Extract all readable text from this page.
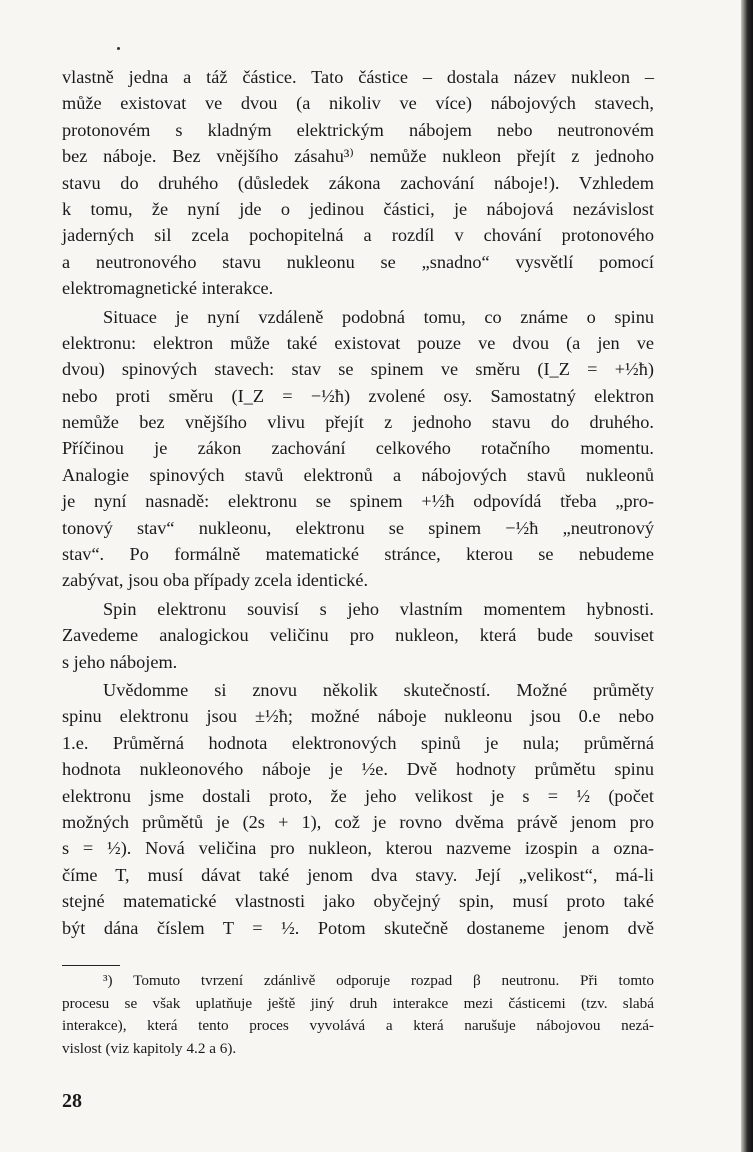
vlastně jedna a táž částice. Tato částice – dostala název nukleon –
může existovat ve dvou (a nikoliv ve více) nábojových stavech,
protonovém s kladným elektrickým nábojem nebo neutronovém
bez náboje. Bez vnějšího zásahu³⁾ nemůže nukleon přejít z jednoho
stavu do druhého (důsledek zákona zachování náboje!). Vzhledem
k tomu, že nyní jde o jedinou částici, je nábojová nezávislost
jaderných sil zcela pochopitelná a rozdíl v chování protonového
a neutronového stavu nukleonu se „snadno“ vysvětlí pomocí
elektromagnetické interakce.
Situace je nyní vzdáleně podobná tomu, co známe o spinu
elektronu: elektron může také existovat pouze ve dvou (a jen ve
dvou) spinových stavech: stav se spinem ve směru (I_Z = +½ħ)
nebo proti směru (I_Z = −½ħ) zvolené osy. Samostatný elektron
nemůže bez vnějšího vlivu přejít z jednoho stavu do druhého.
Příčinou je zákon zachování celkového rotačního momentu.
Analogie spinových stavů elektronů a nábojových stavů nukleonů
je nyní nasnadě: elektronu se spinem +½ħ odpovídá třeba „pro-
tonový stav“ nukleonu, elektronu se spinem −½ħ „neutronový
stav“. Po formálně matematické stránce, kterou se nebudeme
zabývat, jsou oba případy zcela identické.
Spin elektronu souvisí s jeho vlastním momentem hybnosti.
Zavedeme analogickou veličinu pro nukleon, která bude souviset
s jeho nábojem.
Uvědomme si znovu několik skutečností. Možné průměty
spinu elektronu jsou ±½ħ; možné náboje nukleonu jsou 0.e nebo
1.e. Průměrná hodnota elektronových spinů je nula; průměrná
hodnota nukleonového náboje je ½e. Dvě hodnoty průmětu spinu
elektronu jsme dostali proto, že jeho velikost je s = ½ (počet
možných průmětů je (2s + 1), což je rovno dvěma právě jenom pro
s = ½). Nová veličina pro nukleon, kterou nazveme izospin a ozna-
číme T, musí dávat také jenom dva stavy. Její „velikost“, má-li
stejné matematické vlastnosti jako obyčejný spin, musí proto také
být dána číslem T = ½. Potom skutečně dostaneme jenom dvě
³) Tomuto tvrzení zdánlivě odporuje rozpad β neutronu. Při tomto
procesu se však uplatňuje ještě jiný druh interakce mezi částicemi (tzv. slabá
interakce), která tento proces vyvolává a která narušuje nábojovou nezá-
vislost (viz kapitoly 4.2 a 6).
28
